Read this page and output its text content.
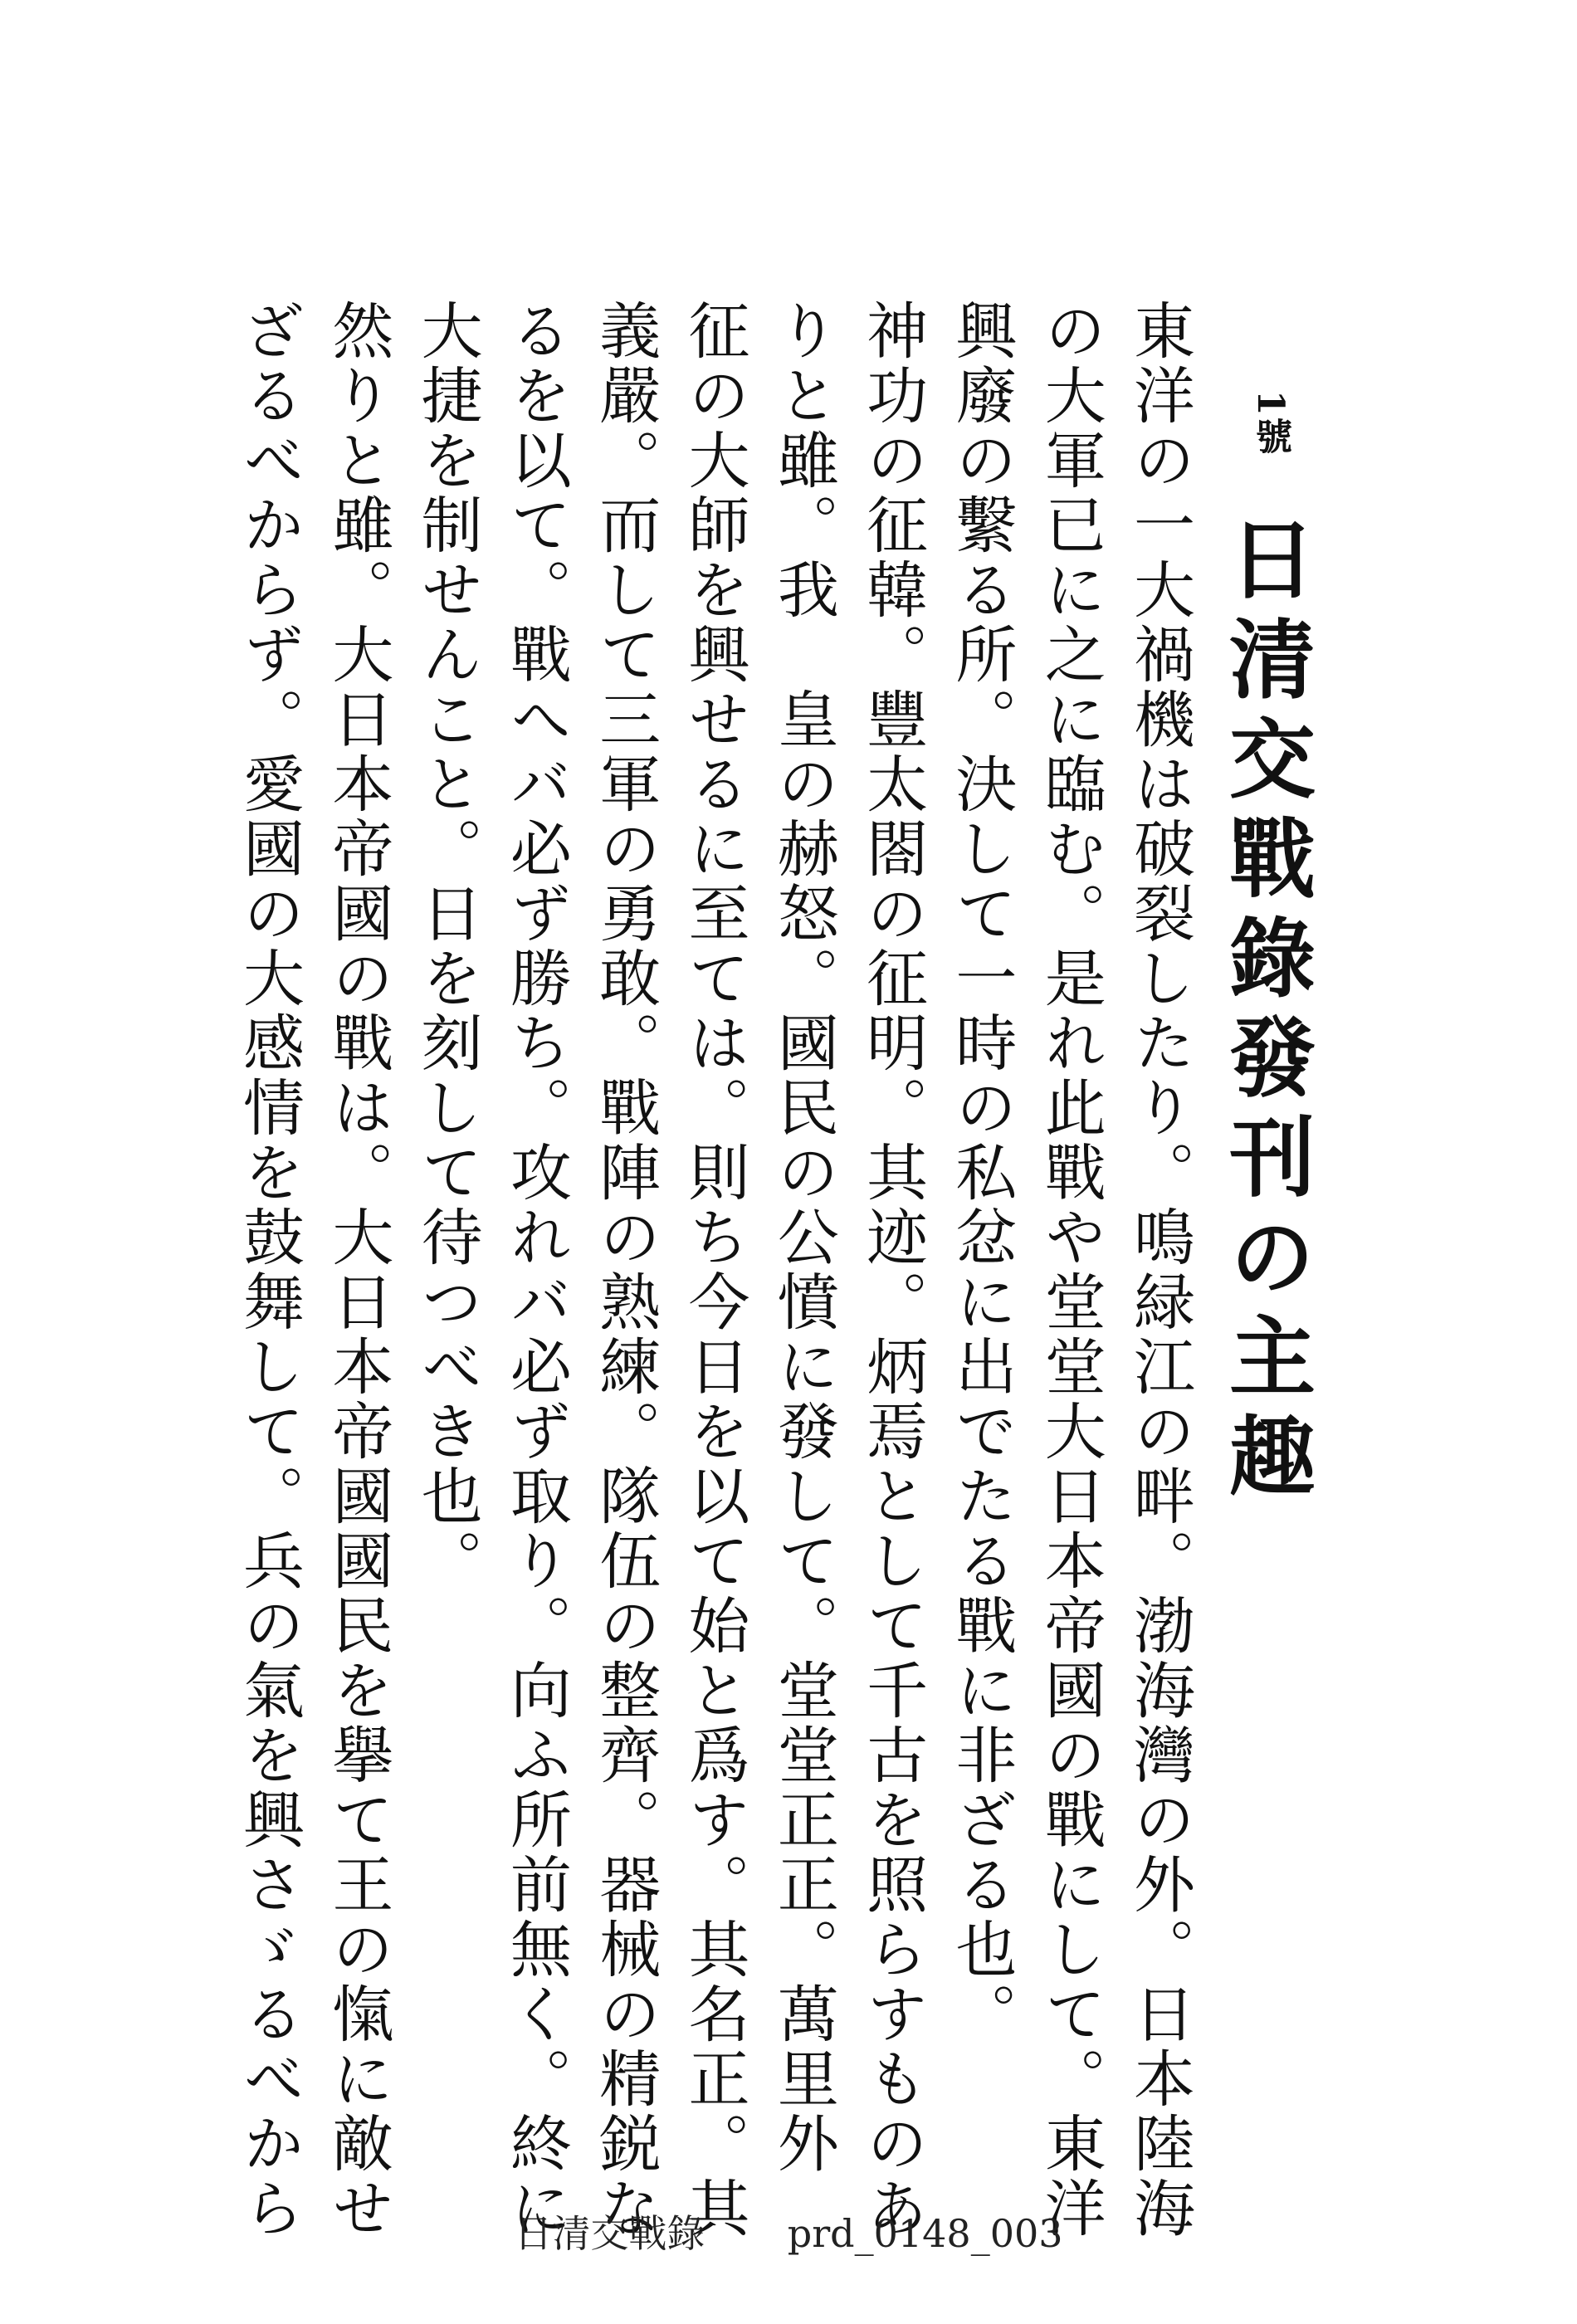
1號
日清交戰錄發刊の主趣
東洋の一大禍機は破裂したり。鳴緑江の畔。渤海灣の外。日本陸海
の大軍已に之に臨む。是れ此戰や堂堂大日本帝國の戰にして。東洋
興廢の繫る所。決して一時の私忿に出でたる戰に非ざる也。
神功の征韓。豐太閤の征明。其迹。炳焉として千古を照らすものあ
りと雖。我　皇の赫怒。國民の公憤に發して。堂堂正正。萬里外
征の大師を興せるに至ては。則ち今日を以て始と爲す。其名正。其
義嚴。而して三軍の勇敢。戰陣の熟練。隊伍の整齊。器械の精鋭な
るを以て。戰へバ必ず勝ち。攻れバ必ず取り。向ふ所前無く。終に
大捷を制せんこと。日を刻して待つべき也。
然りと雖。大日本帝國の戰は。大日本帝國國民を擧て王の愾に敵せ
ざるべからず。愛國の大感情を鼓舞して。兵の氣を興さゞるべから	日清交戰錄 prd_0148_003
